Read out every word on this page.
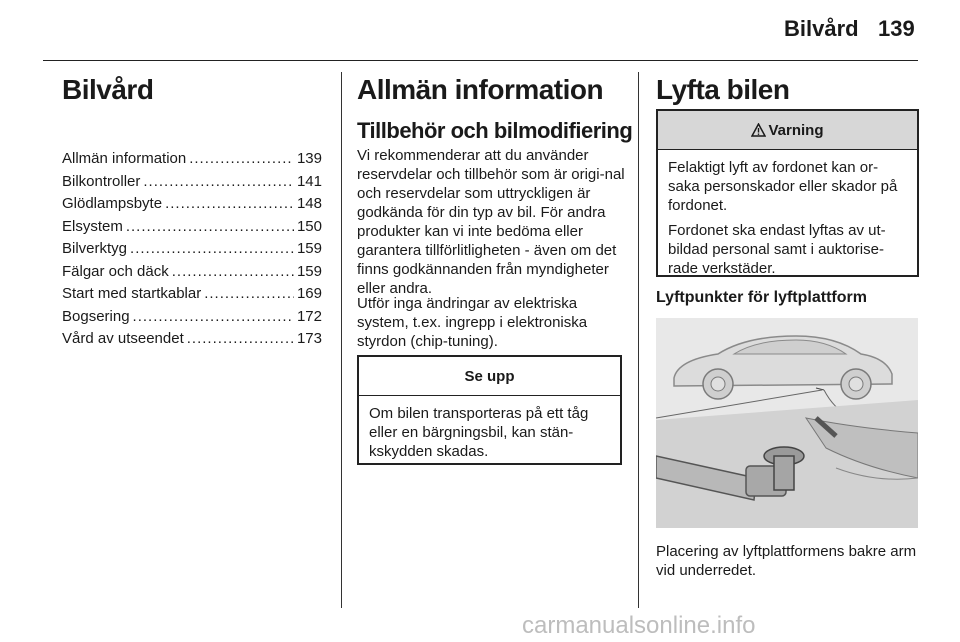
Bilvård 139
Bilvård
Allmän information .....	139
Bilkontroller .....	141
Glödlampsbyte .....	148
Elsystem .....	150
Bilverktyg .....	159
Fälgar och däck .....	159
Start med startkablar .....	169
Bogsering .....	172
Vård av utseendet .....	173
Allmän information
Tillbehör och bilmodifiering

Vi rekommenderar att du använder reservdelar och tillbehör som är origi-nal och reservdelar som uttryckligen är godkända för din typ av bil. För andra produkter kan vi inte bedöma eller garantera tillförlitligheten - även om det finns godkännanden från myndigheter eller andra.

Utför inga ändringar av elektriska system, t.ex. ingrepp i elektroniska styrdon (chip-tuning).

Se upp

Om bilen transporteras på ett tåg eller en bärgningsbil, kan stän-kskydden skadas.

Lyfta bilen
Varning

Felaktigt lyft av fordonet kan or-saka personskador eller skador på fordonet.

Fordonet ska endast lyftas av ut-bildad personal samt i auktorise-rade verkstäder.

Lyftpunkter för lyftplattform

Placering av lyftplattformens bakre arm vid underredet.

carmanualsonline.info
